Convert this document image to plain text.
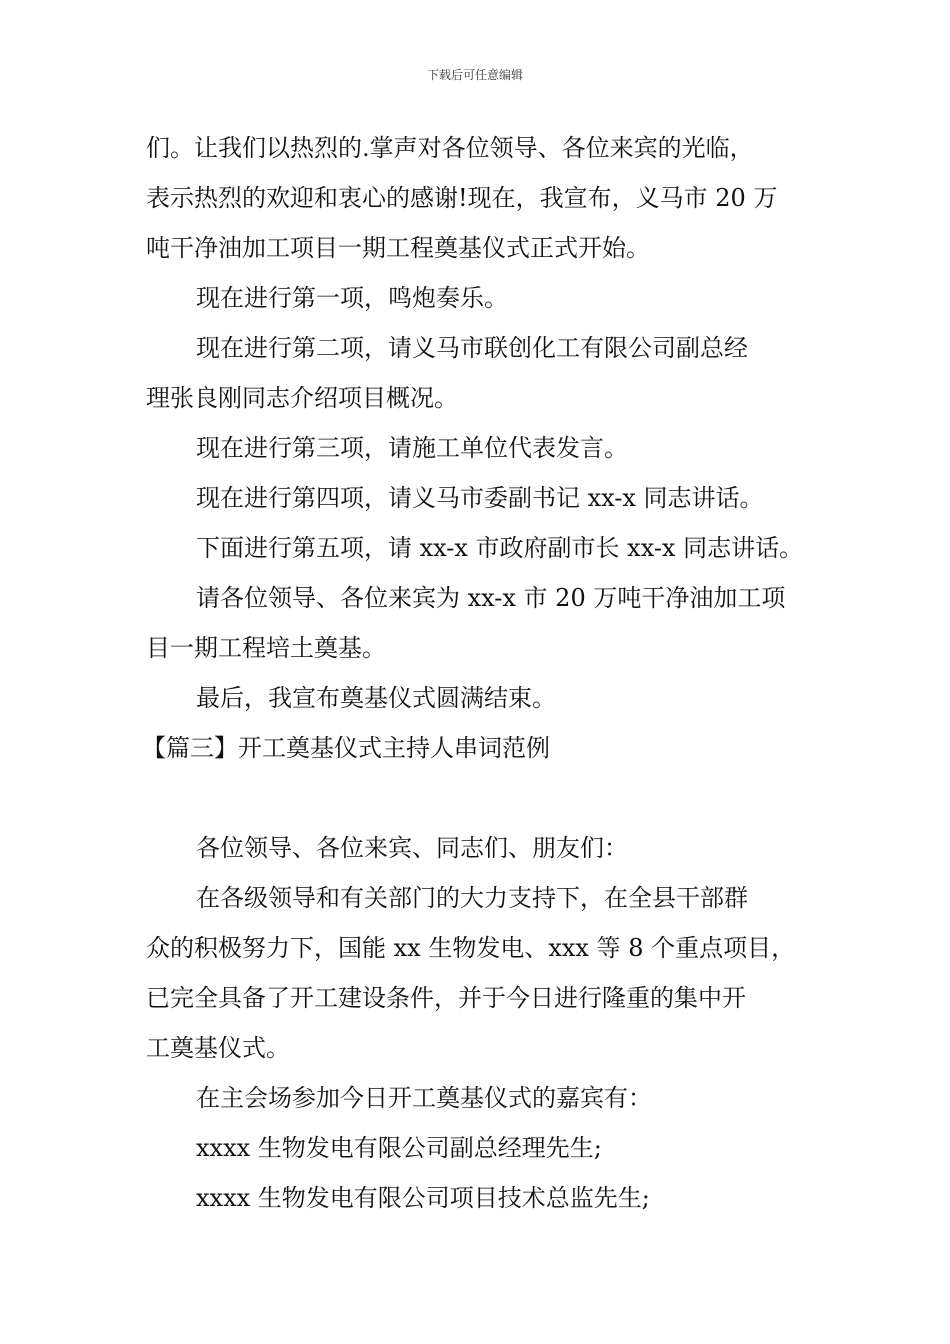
下载后可任意编辑
们。让我们以热烈的.掌声对各位领导、各位来宾的光临，
表示热烈的欢迎和衷心的感谢!现在，我宣布，义马市 20 万
吨干净油加工项目一期工程奠基仪式正式开始。
现在进行第一项，鸣炮奏乐。
现在进行第二项，请义马市联创化工有限公司副总经
理张良刚同志介绍项目概况。
现在进行第三项，请施工单位代表发言。
现在进行第四项，请义马市委副书记 xx-x 同志讲话。
下面进行第五项，请 xx-x 市政府副市长 xx-x 同志讲话。
请各位领导、各位来宾为 xx-x 市 20 万吨干净油加工项
目一期工程培土奠基。
最后，我宣布奠基仪式圆满结束。
【篇三】开工奠基仪式主持人串词范例
各位领导、各位来宾、同志们、朋友们：
在各级领导和有关部门的大力支持下，在全县干部群
众的积极努力下，国能 xx 生物发电、xxx 等 8 个重点项目，
已完全具备了开工建设条件，并于今日进行隆重的集中开
工奠基仪式。
在主会场参加今日开工奠基仪式的嘉宾有：
xxxx 生物发电有限公司副总经理先生;
xxxx 生物发电有限公司项目技术总监先生;
